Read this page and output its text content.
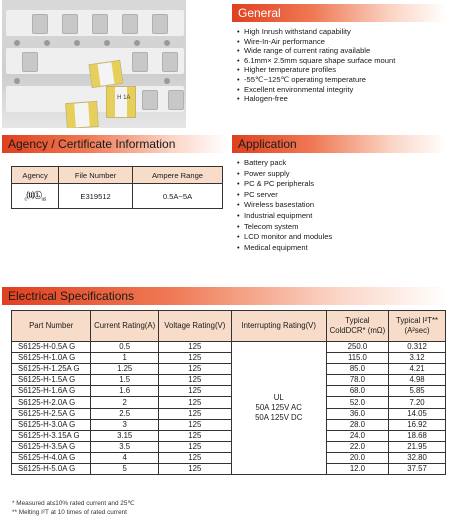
H 1A
General
• High Inrush withstand capability
• Wire-In-Air performance
• Wide range of current rating available
• 6.1mm× 2.5mm square shape surface mount
• Higher temperature profiles
• -55℃~125℃ operating temperature
• Excellent environmental integrity
• Halogen-free
Agency / Certificate Information
Agency	File Number	Ampere Range
$_c⒰Ⓛ_{us}$	E319512	0.5A~5A
Application
• Battery pack
• Power supply
• PC & PC peripherals
• PC server
• Wireless basestation
• Industrial equipment
• Telecom system
• LCD monitor and modules
• Medical equipment
Electrical Specifications
Part Number	Current Rating(A)	Voltage Rating(V)	Interrupting Rating(V)	Typical ColdDCR* (mΩ)	Typical I²T**(A²sec)
S6125-H-0.5A G	0.5	125	UL
50A 125V AC
50A 125V DC	250.0	0.312
S6125-H-1.0A G	1	125		115.0	3.12
S6125-H-1.25A G	1.25	125		85.0	4.21
S6125-H-1.5A G	1.5	125		78.0	4.98
S6125-H-1.6A G	1.6	125		68.0	5.85
S6125-H-2.0A G	2	125		52.0	7.20
S6125-H-2.5A G	2.5	125		36.0	14.05
S6125-H-3.0A G	3	125		28.0	16.92
S6125-H-3.15A G	3.15	125		24.0	18.68
S6125-H-3.5A G	3.5	125		22.0	21.95
S6125-H-4.0A G	4	125		20.0	32.80
S6125-H-5.0A G	5	125		12.0	37.57
* Measured at≤10% rated current and 25℃
** Melting I²T at 10 times of rated current
